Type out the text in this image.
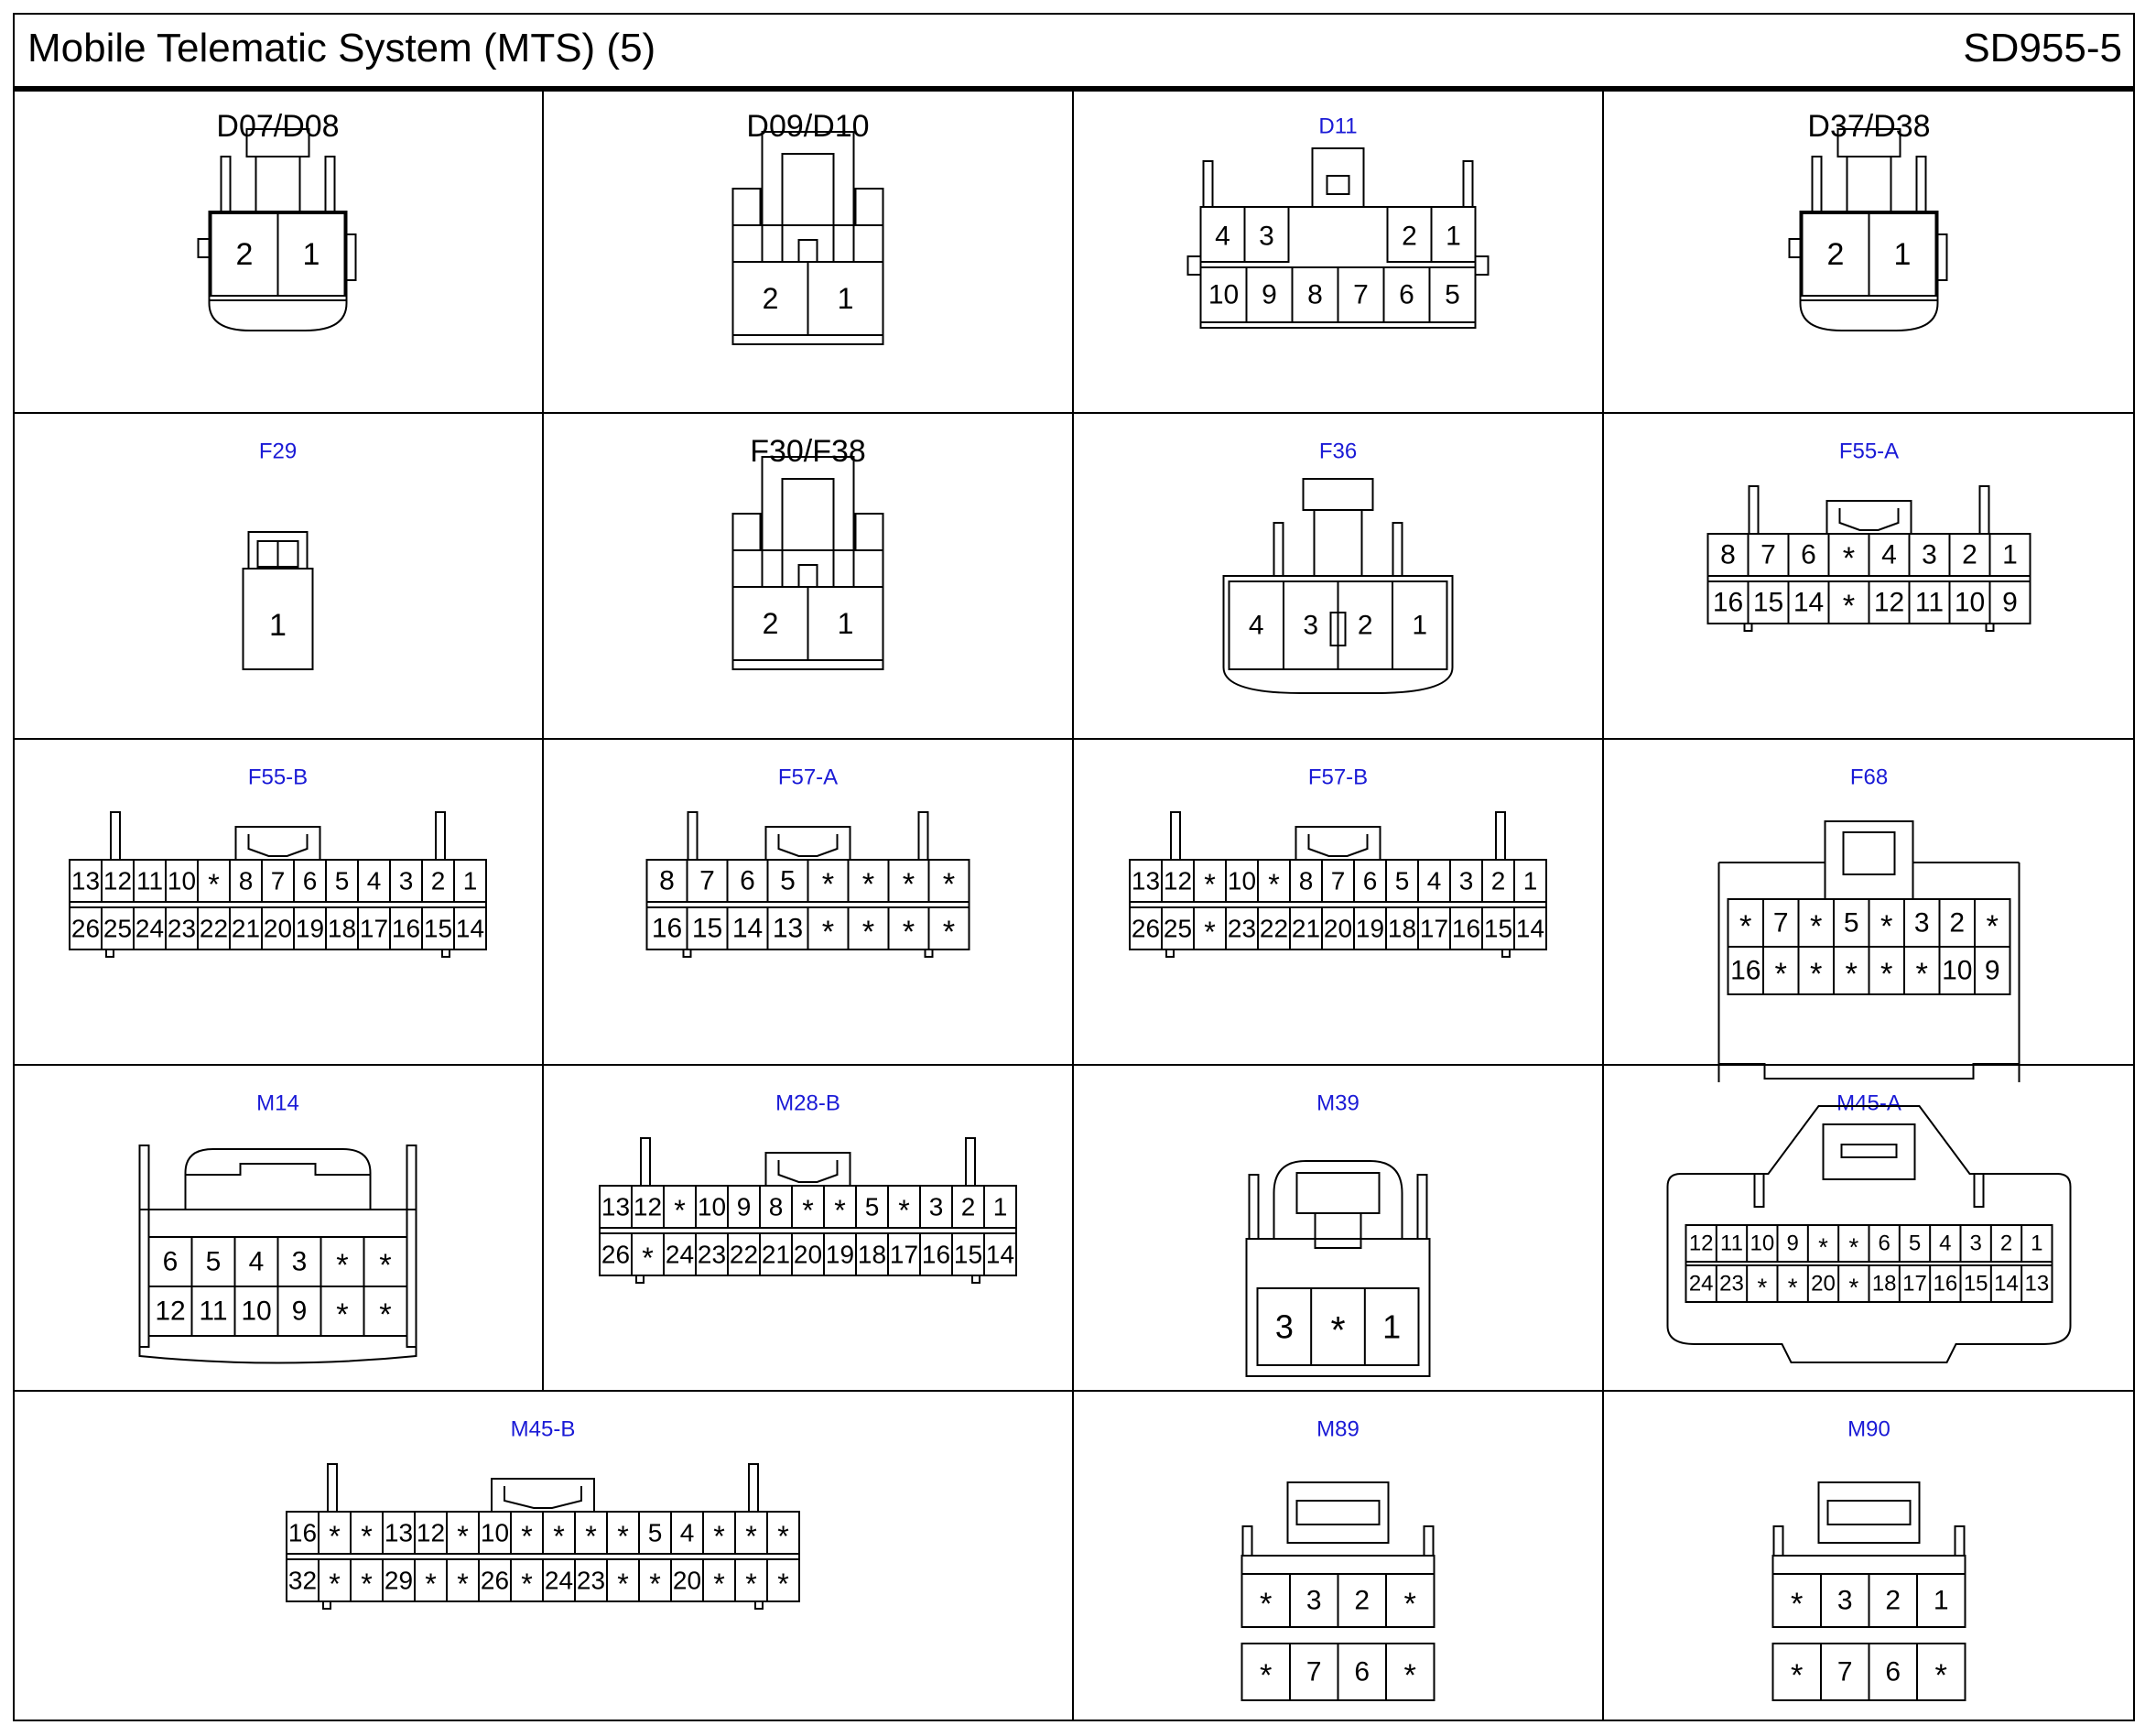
Mobile Telematic System (MTS) (5)	SD955-5
D07/D08
2 1
D09/D10
2 1
D11
4 3	2 1
10 9 8 7 6 5
D37/D38
2 1
F29
1
F30/F38
2 1
F36
4 3 2 1
F55-A
8 7 6 * 4 3 2 1
16 15 14 * 12 11 10 9
F55-B
13 12 11 10 * 8 7 6 5 4 3 2 1
26 25 24 23 22 21 20 19 18 17 16 15 14
F57-A
8 7 6 5 * * * *
16 15 14 13 * * * *
F57-B
13 12 * 10 * 8 7 6 5 4 3 2 1
26 25 * 23 22 21 20 19 18 17 16 15 14
F68
* 7 * 5 * 3 2 *
16 * * * * * 10 9
M14
6 5 4 3 * *
12 11 10 9 * *
M28-B
13 12 * 10 9 8 * * 5 * 3 2 1
26 * 24 23 22 21 20 19 18 17 16 15 14
M39
3 * 1
M45-A
12 11 10 9 * * 6 5 4 3 2 1
24 23 * * 20 * 18 17 16 15 14 13
M45-B
16 * * 13 12 * 10 * * * * 5 4 * * *
32 * * 29 * * 26 * 24 23 * * 20 * * *
M89
* 3 2 *
* 7 6 *
M90
* 3 2 1
* 7 6 *
